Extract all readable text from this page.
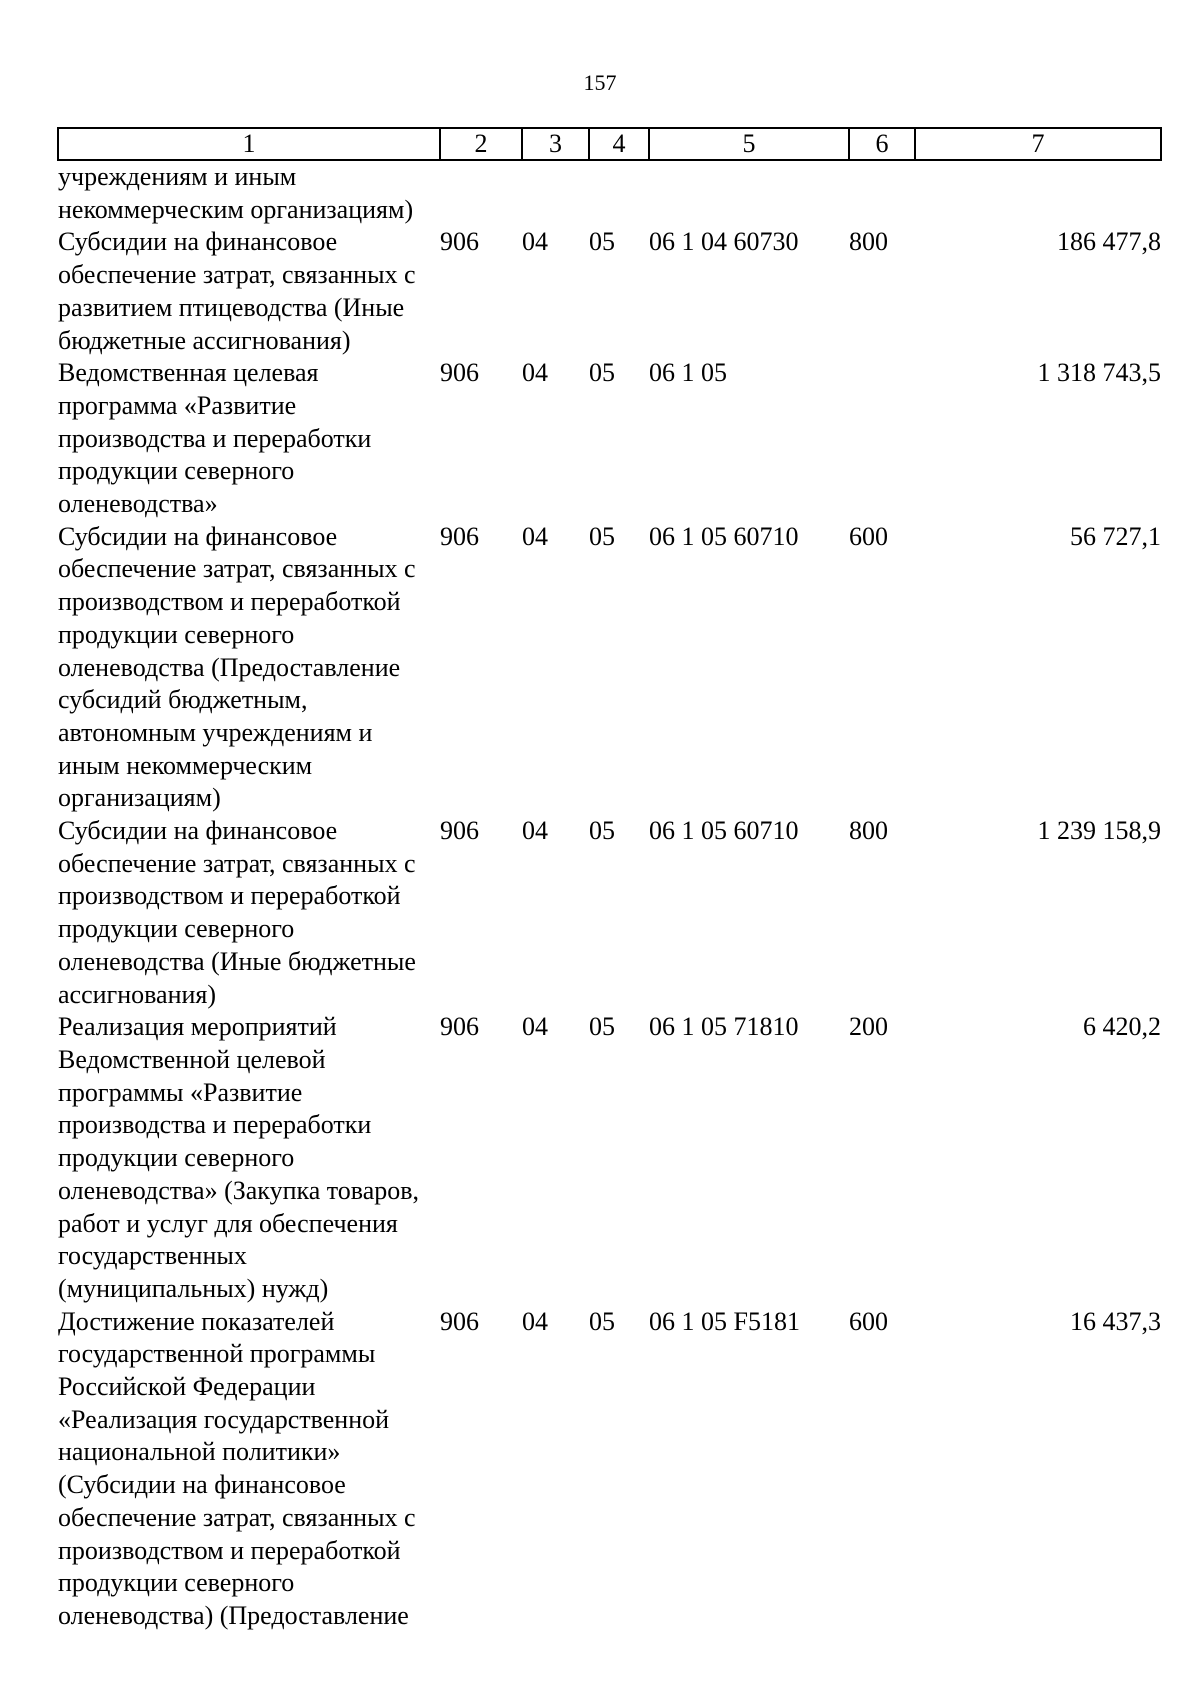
157
1	2	3	4	5	6	7
учреждениям и иным некоммерческим организациям)						
Субсидии на финансовое обеспечение затрат, связанных с развитием птицеводства (Иные бюджетные ассигнования)	906	04	05	06 1 04 60730	800	186 477,8
Ведомственная целевая программа «Развитие производства и переработки продукции северного оленеводства»	906	04	05	06 1 05		1 318 743,5
Субсидии на финансовое обеспечение затрат, связанных с производством и переработкой продукции северного оленеводства (Предоставление субсидий бюджетным, автономным учреждениям и иным некоммерческим организациям)	906	04	05	06 1 05 60710	600	56 727,1
Субсидии на финансовое обеспечение затрат, связанных с производством и переработкой продукции северного оленеводства (Иные бюджетные ассигнования)	906	04	05	06 1 05 60710	800	1 239 158,9
Реализация мероприятий Ведомственной целевой программы «Развитие производства и переработки продукции северного оленеводства» (Закупка товаров, работ и услуг для обеспечения государственных (муниципальных) нужд)	906	04	05	06 1 05 71810	200	6 420,2
Достижение показателей государственной программы Российской Федерации «Реализация государственной национальной политики» (Субсидии на финансовое обеспечение затрат, связанных с производством и переработкой продукции северного оленеводства) (Предоставление	906	04	05	06 1 05 F5181	600	16 437,3
